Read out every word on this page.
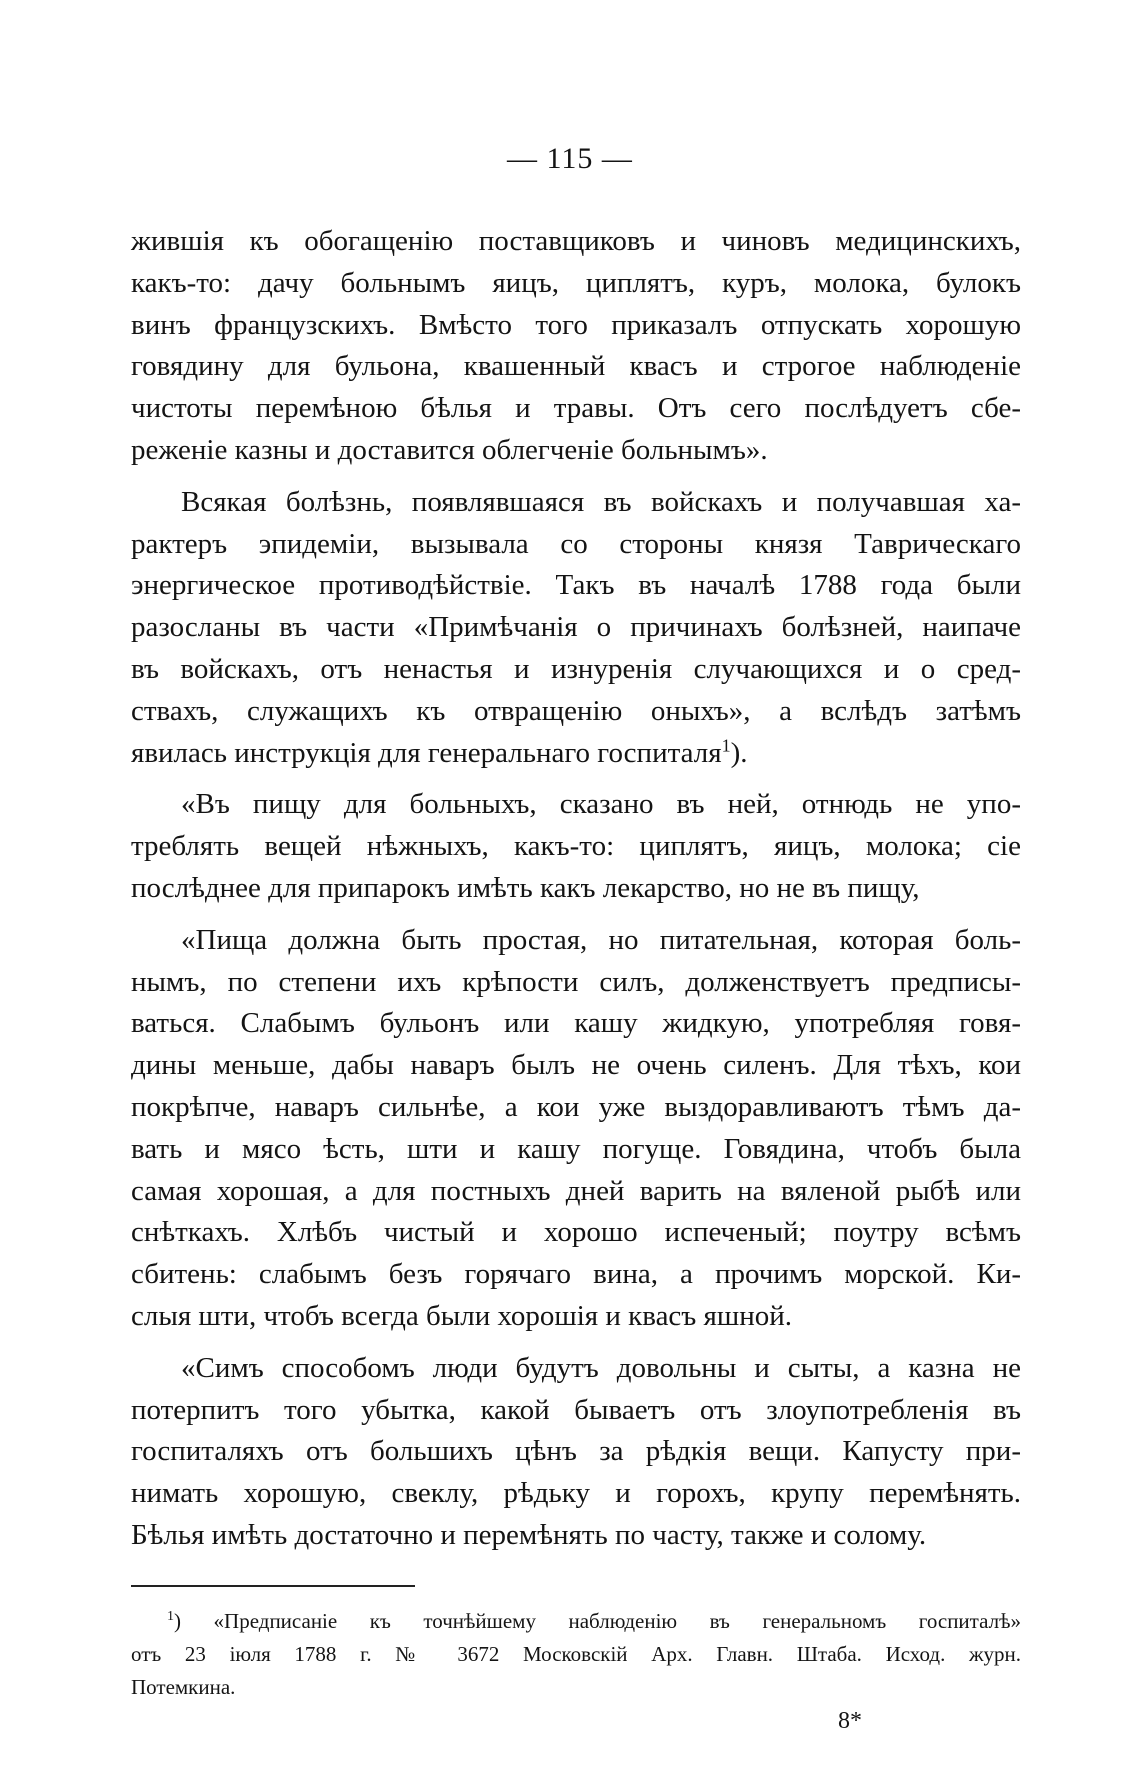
— 115 —
жившія къ обогащенію поставщиковъ и чиновъ медицинскихъ,
какъ-то: дачу больнымъ яицъ, циплятъ, куръ, молока, булокъ
винъ французскихъ. Вмѣсто того приказалъ отпускать хорошую
говядину для бульона, квашенный квасъ и строгое наблюденіе
чистоты перемѣною бѣлья и травы. Отъ сего послѣдуетъ сбе-
реженіе казны и доставится облегченіе больнымъ».
Всякая болѣзнь, появлявшаяся въ войскахъ и получавшая ха-
рактеръ эпидеміи, вызывала со стороны князя Таврическаго
энергическое противодѣйствіе. Такъ въ началѣ 1788 года были
разосланы въ части «Примѣчанія о причинахъ болѣзней, наипаче
въ войскахъ, отъ ненастья и изнуренія случающихся и о сред-
ствахъ, служащихъ къ отвращенію оныхъ», а вслѣдъ затѣмъ
явилась инструкція для генеральнаго госпиталя$^1$).
«Въ пищу для больныхъ, сказано въ ней, отнюдь не упо-
треблять вещей нѣжныхъ, какъ-то: циплятъ, яицъ, молока; сіе
послѣднее для припарокъ имѣть какъ лекарство, но не въ пищу,
«Пища должна быть простая, но питательная, которая боль-
нымъ, по степени ихъ крѣпости силъ, долженствуетъ предписы-
ваться. Слабымъ бульонъ или кашу жидкую, употребляя говя-
дины меньше, дабы наваръ былъ не очень силенъ. Для тѣхъ, кои
покрѣпче, наваръ сильнѣе, а кои уже выздоравливаютъ тѣмъ да-
вать и мясо ѣсть, шти и кашу погуще. Говядина, чтобъ была
самая хорошая, а для постныхъ дней варить на вяленой рыбѣ или
снѣткахъ. Хлѣбъ чистый и хорошо испеченый; поутру всѣмъ
сбитень: слабымъ безъ горячаго вина, а прочимъ морской. Ки-
слыя шти, чтобъ всегда были хорошія и квасъ яшной.
«Симъ способомъ люди будутъ довольны и сыты, а казна не
потерпитъ того убытка, какой бываетъ отъ злоупотребленія въ
госпиталяхъ отъ большихъ цѣнъ за рѣдкія вещи. Капусту при-
нимать хорошую, свеклу, рѣдьку и горохъ, крупу перемѣнять.
Бѣлья имѣть достаточно и перемѣнять по часту, также и солому.
$^1$) «Предписаніе къ точнѣйшему наблюденію въ генеральномъ госпиталѣ»
отъ 23 іюля 1788 г. № 3672 Московскій Арх. Главн. Штаба. Исход. журн.
Потемкина.
8*
